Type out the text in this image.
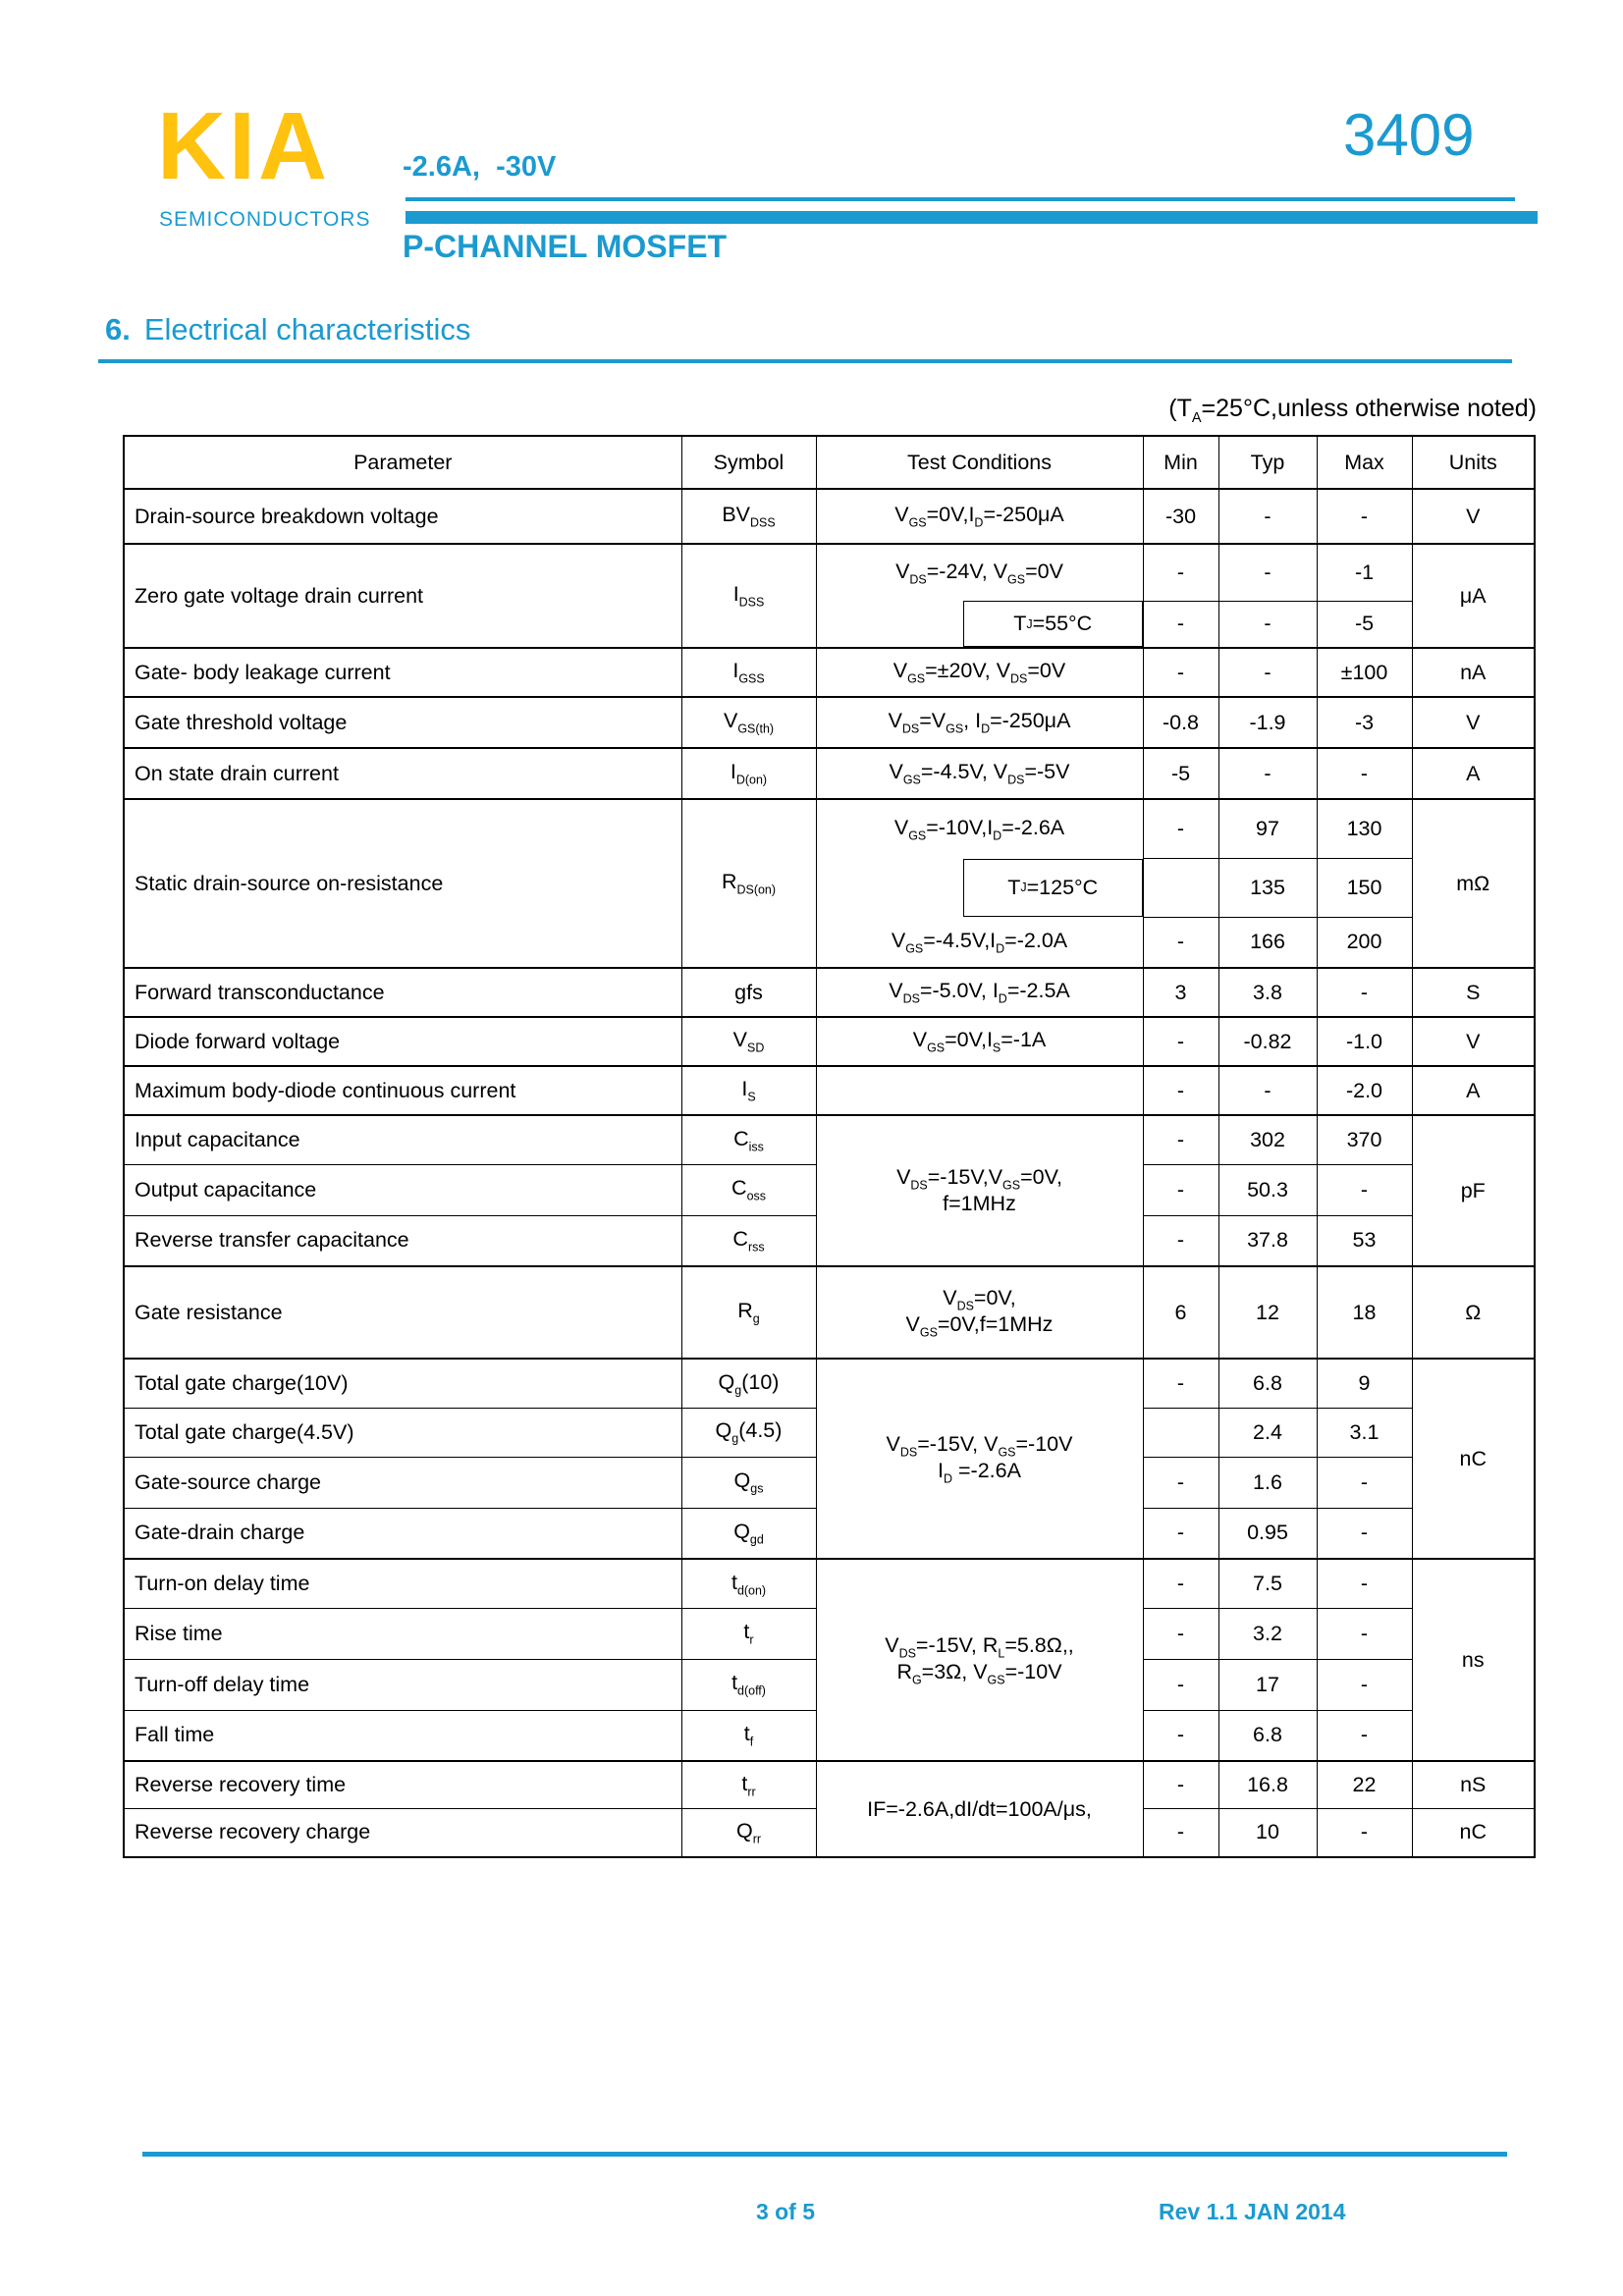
KIA
SEMICONDUCTORS

-2.6A,  -30V

P-CHANNEL MOSFET

3409
6. Electrical characteristics
($T_A=25^\circ C,unless$ otherwise noted)
Parameter	Symbol	Test Conditions	Min	Typ	Max	Units
Drain-source breakdown voltage	$BV_{DSS}$	$V_{GS}=0V,I_D=-250\mu A$	-30	-	-	V
Zero gate voltage drain current	$I_{DSS}$	$V_{DS}=-24V$, $V_{GS}=0V$	-	-	-1	μA

T J =55°C	-	-	-5	
Gate- body leakage current	$I_{GSS}$	$V_{GS}=\pm 20V$, $V_{DS}=0V$	-	-	±100	nA
Gate threshold voltage	$V_{GS(th)}$	$V_{DS}=V_{GS}$, $I_D=-250\mu A$	-0.8	-1.9	-3	V
On state drain current	$I_{D(on)}$	$V_{GS}=-4.5V$, $V_{DS}=-5V$	-5	-	-	A
Static drain-source on-resistance	$R_{DS(on)}$	$V_{GS}=-10V,I_D=-2.6A$	-	97	130	mΩ

T J =125°C		135	150	
		$V_{GS}=-4.5V,I_D=-2.0A$	-	166	200	
Forward transconductance	gfs	$V_{DS}=-5.0V$, $I_D=-2.5A$	3	3.8	-	S
Diode forward voltage	$V_{SD}$	$V_{GS}=0V,I_S=-1A$	-	-0.82	-1.0	V
Maximum body-diode continuous current	$I_S$		-	-	-2.0	A
Input capacitance	$C_{iss}$	$V_{DS}=-15V,V_{GS}=0V$,
f=1MHz	-	302	370	pF
Output capacitance	$C_{oss}$		-	50.3	-	
Reverse transfer capacitance	$C_{rss}$		-	37.8	53	
Gate resistance	$R_g$	$V_{DS}=0V$,
$V_{GS}=0V,f=1MHz$	6	12	18	Ω
Total gate charge(10V)	$Q_g(10)$	$V_{DS}=-15V$, $V_{GS}=-10V$
$I_D =-2.6A$	-	6.8	9	nC
Total gate charge(4.5V)	$Q_g(4.5)$			2.4	3.1	
Gate-source charge	$Q_{gs}$		-	1.6	-	
Gate-drain charge	$Q_{gd}$		-	0.95	-	
Turn-on delay time	$t_{d(on)}$	$V_{DS}=-15V$, $R_L=5.8\Omega$,,
$R_G=3\Omega$, $V_{GS}=-10V$	-	7.5	-	ns
Rise time	$t_r$		-	3.2	-	
Turn-off delay time	$t_{d(off)}$		-	17	-	
Fall time	$t_f$		-	6.8	-	
Reverse recovery time	$t_{rr}$	IF=-2.6A,dI/dt=100A/μs,	-	16.8	22	nS
Reverse recovery charge	$Q_{rr}$		-	10	-	nC
3 of 5	Rev 1.1 JAN 2014
